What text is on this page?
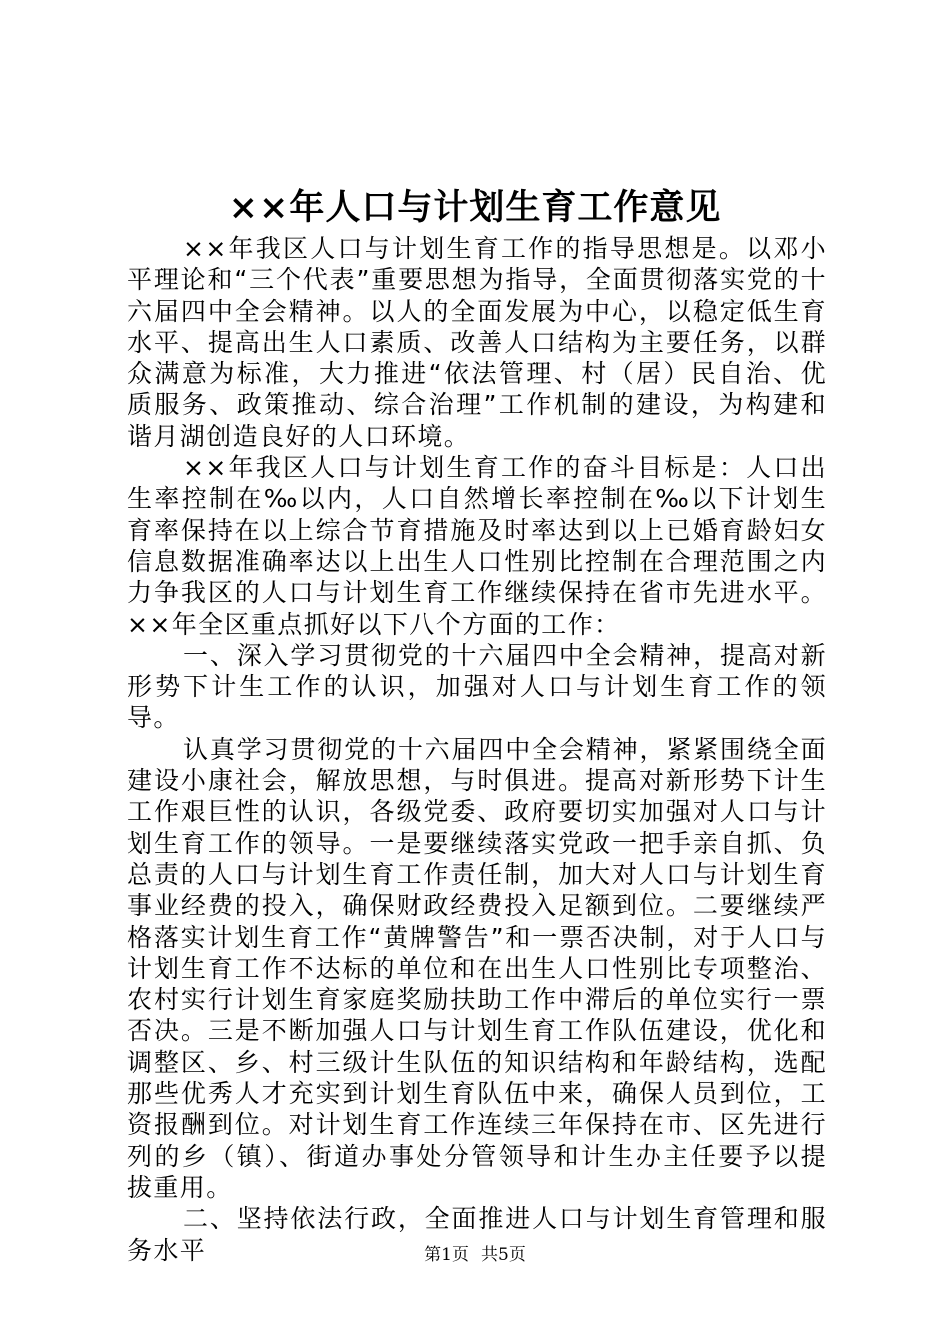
××年人口与计划生育工作意见

××年我区人口与计划生育工作的指导思想是。以邓小平理论和“三个代表”重要思想为指导，全面贯彻落实党的十六届四中全会精神。以人的全面发展为中心，以稳定低生育水平、提高出生人口素质、改善人口结构为主要任务，以群众满意为标准，大力推进“依法管理、村（居）民自治、优质服务、政策推动、综合治理”工作机制的建设，为构建和谐月湖创造良好的人口环境。

××年我区人口与计划生育工作的奋斗目标是：人口出生率控制在‰以内，人口自然增长率控制在‰以下计划生育率保持在以上综合节育措施及时率达到以上已婚育龄妇女信息数据准确率达以上出生人口性别比控制在合理范围之内力争我区的人口与计划生育工作继续保持在省市先进水平。××年全区重点抓好以下八个方面的工作：

一、深入学习贯彻党的十六届四中全会精神，提高对新形势下计生工作的认识，加强对人口与计划生育工作的领导。

认真学习贯彻党的十六届四中全会精神，紧紧围绕全面建设小康社会，解放思想，与时俱进。提高对新形势下计生工作艰巨性的认识，各级党委、政府要切实加强对人口与计划生育工作的领导。一是要继续落实党政一把手亲自抓、负总责的人口与计划生育工作责任制，加大对人口与计划生育事业经费的投入，确保财政经费投入足额到位。二要继续严格落实计划生育工作“黄牌警告”和一票否决制，对于人口与计划生育工作不达标的单位和在出生人口性别比专项整治、农村实行计划生育家庭奖励扶助工作中滞后的单位实行一票否决。三是不断加强人口与计划生育工作队伍建设，优化和调整区、乡、村三级计生队伍的知识结构和年龄结构，选配那些优秀人才充实到计划生育队伍中来，确保人员到位，工资报酬到位。对计划生育工作连续三年保持在市、区先进行列的乡（镇）、街道办事处分管领导和计生办主任要予以提拔重用。

二、坚持依法行政，全面推进人口与计划生育管理和服务水平	第1页 共5页
